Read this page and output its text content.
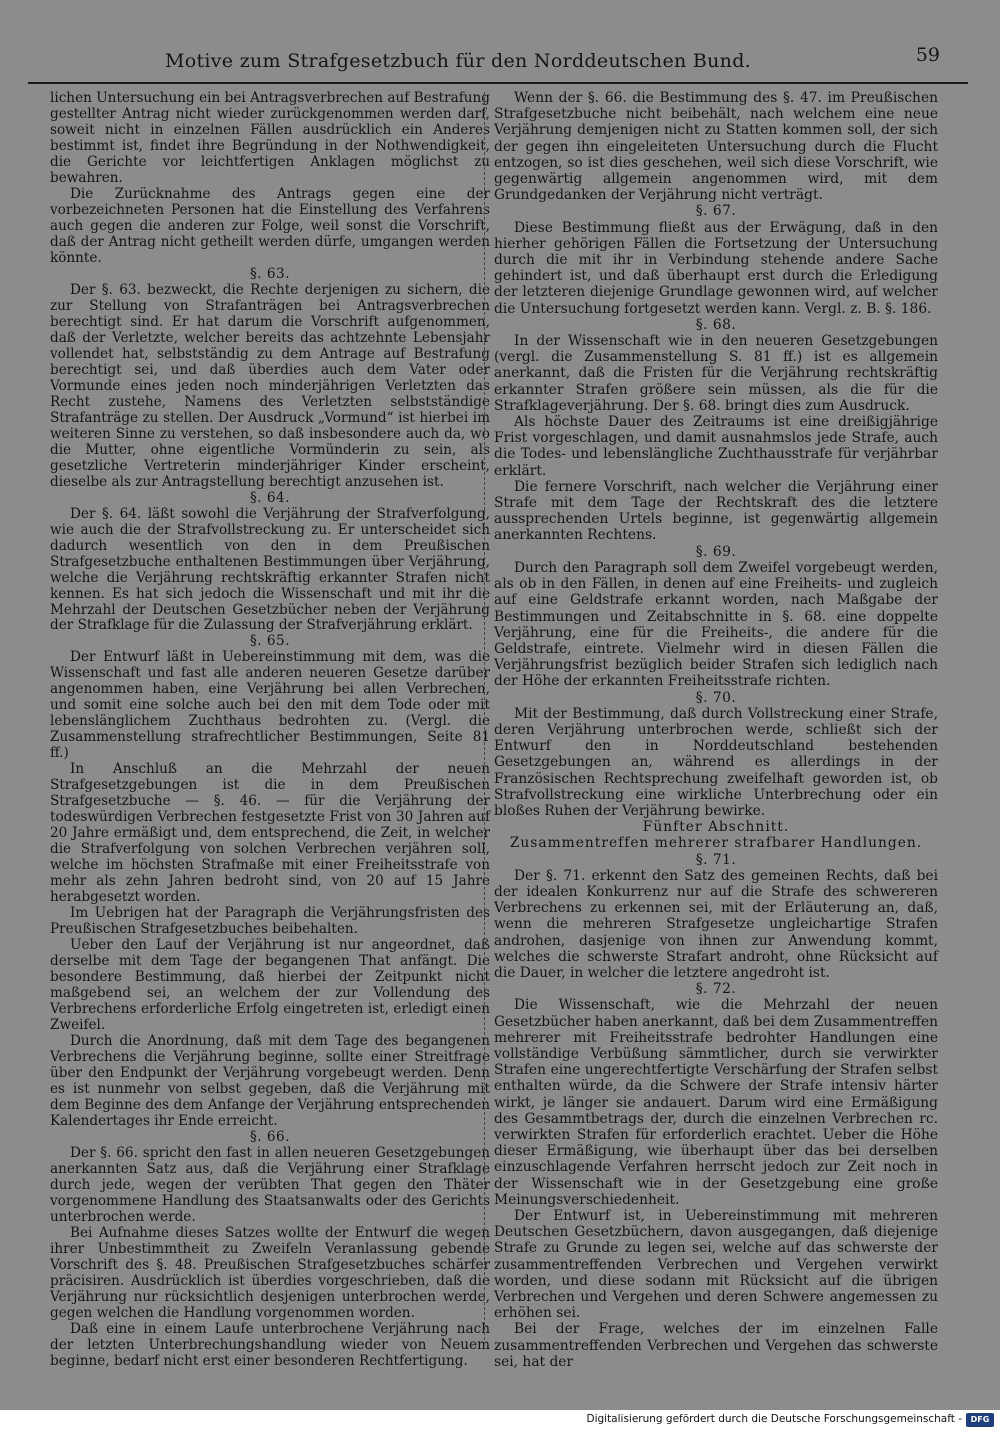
Motive zum Strafgesetzbuch für den Norddeutschen Bund.	59

lichen Untersuchung ein bei Antragsverbrechen auf Bestrafung gestellter Antrag nicht wieder zurückgenommen werden darf, soweit nicht in einzelnen Fällen ausdrücklich ein Anderes bestimmt ist, findet ihre Begründung in der Nothwendigkeit, die Gerichte vor leichtfertigen Anklagen möglichst zu bewahren.

Die Zurücknahme des Antrags gegen eine der vorbezeichneten Personen hat die Einstellung des Verfahrens auch gegen die anderen zur Folge, weil sonst die Vorschrift, daß der Antrag nicht getheilt werden dürfe, umgangen werden könnte.

§. 63.

Der §. 63. bezweckt, die Rechte derjenigen zu sichern, die zur Stellung von Strafanträgen bei Antragsverbrechen berechtigt sind. Er hat darum die Vorschrift aufgenommen, daß der Verletzte, welcher bereits das achtzehnte Lebensjahr vollendet hat, selbstständig zu dem Antrage auf Bestrafung berechtigt sei, und daß überdies auch dem Vater oder Vormunde eines jeden noch minderjährigen Verletzten das Recht zustehe, Namens des Verletzten selbstständige Strafanträge zu stellen. Der Ausdruck „Vormund“ ist hierbei im weiteren Sinne zu verstehen, so daß insbesondere auch da, wo die Mutter, ohne eigentliche Vormünderin zu sein, als gesetzliche Vertreterin minderjähriger Kinder erscheint, dieselbe als zur Antragstellung berechtigt anzusehen ist.

§. 64.

Der §. 64. läßt sowohl die Verjährung der Strafverfolgung, wie auch die der Strafvollstreckung zu. Er unterscheidet sich dadurch wesentlich von den in dem Preußischen Strafgesetzbuche enthaltenen Bestimmungen über Verjährung, welche die Verjährung rechtskräftig erkannter Strafen nicht kennen. Es hat sich jedoch die Wissenschaft und mit ihr die Mehrzahl der Deutschen Gesetzbücher neben der Verjährung der Strafklage für die Zulassung der Strafverjährung erklärt.

§. 65.

Der Entwurf läßt in Uebereinstimmung mit dem, was die Wissenschaft und fast alle anderen neueren Gesetze darüber angenommen haben, eine Verjährung bei allen Verbrechen, und somit eine solche auch bei den mit dem Tode oder mit lebenslänglichem Zuchthaus bedrohten zu. (Vergl. die Zusammenstellung strafrechtlicher Bestimmungen, Seite 81 ff.)

In Anschluß an die Mehrzahl der neuen Strafgesetzgebungen ist die in dem Preußischen Strafgesetzbuche — §. 46. — für die Verjährung der todeswürdigen Verbrechen festgesetzte Frist von 30 Jahren auf 20 Jahre ermäßigt und, dem entsprechend, die Zeit, in welcher die Strafverfolgung von solchen Verbrechen verjähren soll, welche im höchsten Strafmaße mit einer Freiheitsstrafe von mehr als zehn Jahren bedroht sind, von 20 auf 15 Jahre herabgesetzt worden.

Im Uebrigen hat der Paragraph die Verjährungsfristen des Preußischen Strafgesetzbuches beibehalten.

Ueber den Lauf der Verjährung ist nur angeordnet, daß derselbe mit dem Tage der begangenen That anfängt. Die besondere Bestimmung, daß hierbei der Zeitpunkt nicht maßgebend sei, an welchem der zur Vollendung des Verbrechens erforderliche Erfolg eingetreten ist, erledigt einen Zweifel.

Durch die Anordnung, daß mit dem Tage des begangenen Verbrechens die Verjährung beginne, sollte einer Streitfrage über den Endpunkt der Verjährung vorgebeugt werden. Denn es ist nunmehr von selbst gegeben, daß die Verjährung mit dem Beginne des dem Anfange der Verjährung entsprechenden Kalendertages ihr Ende erreicht.

§. 66.

Der §. 66. spricht den fast in allen neueren Gesetzgebungen anerkannten Satz aus, daß die Verjährung einer Strafklage durch jede, wegen der verübten That gegen den Thäter vorgenommene Handlung des Staatsanwalts oder des Gerichts unterbrochen werde.

Bei Aufnahme dieses Satzes wollte der Entwurf die wegen ihrer Unbestimmtheit zu Zweifeln Veranlassung gebende Vorschrift des §. 48. Preußischen Strafgesetzbuches schärfer präcisiren. Ausdrücklich ist überdies vorgeschrieben, daß die Verjährung nur rücksichtlich desjenigen unterbrochen werde, gegen welchen die Handlung vorgenommen worden.

Daß eine in einem Laufe unterbrochene Verjährung nach der letzten Unterbrechungshandlung wieder von Neuem beginne, bedarf nicht erst einer besonderen Rechtfertigung.

Wenn der §. 66. die Bestimmung des §. 47. im Preußischen Strafgesetzbuche nicht beibehält, nach welchem eine neue Verjährung demjenigen nicht zu Statten kommen soll, der sich der gegen ihn eingeleiteten Untersuchung durch die Flucht entzogen, so ist dies geschehen, weil sich diese Vorschrift, wie gegenwärtig allgemein angenommen wird, mit dem Grundgedanken der Verjährung nicht verträgt.

§. 67.

Diese Bestimmung fließt aus der Erwägung, daß in den hierher gehörigen Fällen die Fortsetzung der Untersuchung durch die mit ihr in Verbindung stehende andere Sache gehindert ist, und daß überhaupt erst durch die Erledigung der letzteren diejenige Grundlage gewonnen wird, auf welcher die Untersuchung fortgesetzt werden kann. Vergl. z. B. §. 186.

§. 68.

In der Wissenschaft wie in den neueren Gesetzgebungen (vergl. die Zusammenstellung S. 81 ff.) ist es allgemein anerkannt, daß die Fristen für die Verjährung rechtskräftig erkannter Strafen größere sein müssen, als die für die Strafklageverjährung. Der §. 68. bringt dies zum Ausdruck.

Als höchste Dauer des Zeitraums ist eine dreißigjährige Frist vorgeschlagen, und damit ausnahmslos jede Strafe, auch die Todes- und lebenslängliche Zuchthausstrafe für verjährbar erklärt.

Die fernere Vorschrift, nach welcher die Verjährung einer Strafe mit dem Tage der Rechtskraft des die letztere aussprechenden Urtels beginne, ist gegenwärtig allgemein anerkannten Rechtens.

§. 69.

Durch den Paragraph soll dem Zweifel vorgebeugt werden, als ob in den Fällen, in denen auf eine Freiheits- und zugleich auf eine Geldstrafe erkannt worden, nach Maßgabe der Bestimmungen und Zeitabschnitte in §. 68. eine doppelte Verjährung, eine für die Freiheits-, die andere für die Geldstrafe, eintrete. Vielmehr wird in diesen Fällen die Verjährungsfrist bezüglich beider Strafen sich lediglich nach der Höhe der erkannten Freiheitsstrafe richten.

§. 70.

Mit der Bestimmung, daß durch Vollstreckung einer Strafe, deren Verjährung unterbrochen werde, schließt sich der Entwurf den in Norddeutschland bestehenden Gesetzgebungen an, während es allerdings in der Französischen Rechtsprechung zweifelhaft geworden ist, ob Strafvollstreckung eine wirkliche Unterbrechung oder ein bloßes Ruhen der Verjährung bewirke.

Fünfter Abschnitt.

Zusammentreffen mehrerer strafbarer Handlungen.

§. 71.

Der §. 71. erkennt den Satz des gemeinen Rechts, daß bei der idealen Konkurrenz nur auf die Strafe des schwereren Verbrechens zu erkennen sei, mit der Erläuterung an, daß, wenn die mehreren Strafgesetze ungleichartige Strafen androhen, dasjenige von ihnen zur Anwendung kommt, welches die schwerste Strafart androht, ohne Rücksicht auf die Dauer, in welcher die letztere angedroht ist.

§. 72.

Die Wissenschaft, wie die Mehrzahl der neuen Gesetzbücher haben anerkannt, daß bei dem Zusammentreffen mehrerer mit Freiheitsstrafe bedrohter Handlungen eine vollständige Verbüßung sämmtlicher, durch sie verwirkter Strafen eine ungerechtfertigte Verschärfung der Strafen selbst enthalten würde, da die Schwere der Strafe intensiv härter wirkt, je länger sie andauert. Darum wird eine Ermäßigung des Gesammtbetrags der, durch die einzelnen Verbrechen rc. verwirkten Strafen für erforderlich erachtet. Ueber die Höhe dieser Ermäßigung, wie überhaupt über das bei derselben einzuschlagende Verfahren herrscht jedoch zur Zeit noch in der Wissenschaft wie in der Gesetzgebung eine große Meinungsverschiedenheit.

Der Entwurf ist, in Uebereinstimmung mit mehreren Deutschen Gesetzbüchern, davon ausgegangen, daß diejenige Strafe zu Grunde zu legen sei, welche auf das schwerste der zusammentreffenden Verbrechen und Vergehen verwirkt worden, und diese sodann mit Rücksicht auf die übrigen Verbrechen und Vergehen und deren Schwere angemessen zu erhöhen sei.

Bei der Frage, welches der im einzelnen Falle zusammentreffenden Verbrechen und Vergehen das schwerste sei, hat der

Digitalisierung gefördert durch die Deutsche Forschungsgemeinschaft -	DFG
